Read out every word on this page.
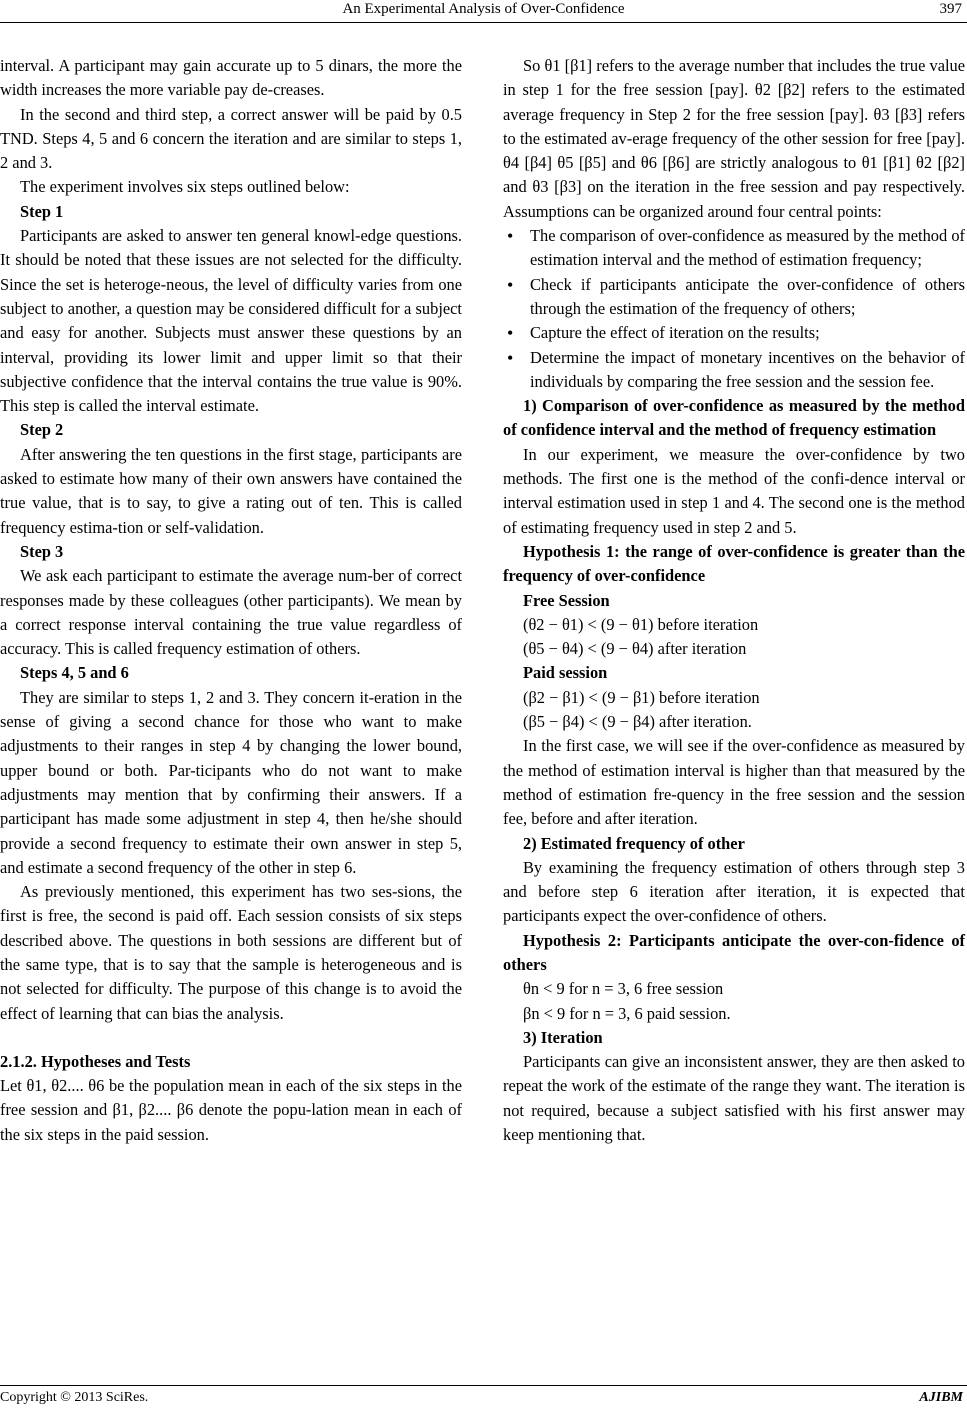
An Experimental Analysis of Over-Confidence	397

interval. A participant may gain accurate up to 5 dinars, the more the width increases the more variable pay de-creases.

In the second and third step, a correct answer will be paid by 0.5 TND. Steps 4, 5 and 6 concern the iteration and are similar to steps 1, 2 and 3.

The experiment involves six steps outlined below:

Step 1

Participants are asked to answer ten general knowl-edge questions. It should be noted that these issues are not selected for the difficulty. Since the set is heteroge-neous, the level of difficulty varies from one subject to another, a question may be considered difficult for a subject and easy for another. Subjects must answer these questions by an interval, providing its lower limit and upper limit so that their subjective confidence that the interval contains the true value is 90%. This step is called the interval estimate.

Step 2

After answering the ten questions in the first stage, participants are asked to estimate how many of their own answers have contained the true value, that is to say, to give a rating out of ten. This is called frequency estima-tion or self-validation.

Step 3

We ask each participant to estimate the average num-ber of correct responses made by these colleagues (other participants). We mean by a correct response interval containing the true value regardless of accuracy. This is called frequency estimation of others.

Steps 4, 5 and 6

They are similar to steps 1, 2 and 3. They concern it-eration in the sense of giving a second chance for those who want to make adjustments to their ranges in step 4 by changing the lower bound, upper bound or both. Par-ticipants who do not want to make adjustments may mention that by confirming their answers. If a participant has made some adjustment in step 4, then he/she should provide a second frequency to estimate their own answer in step 5, and estimate a second frequency of the other in step 6.

As previously mentioned, this experiment has two ses-sions, the first is free, the second is paid off. Each session consists of six steps described above. The questions in both sessions are different but of the same type, that is to say that the sample is heterogeneous and is not selected for difficulty. The purpose of this change is to avoid the effect of learning that can bias the analysis.

2.1.2. Hypotheses and Tests

Let θ1, θ2.... θ6 be the population mean in each of the six steps in the free session and β1, β2.... β6 denote the popu-lation mean in each of the six steps in the paid session.

So θ1 [β1] refers to the average number that includes the true value in step 1 for the free session [pay]. θ2 [β2] refers to the estimated average frequency in Step 2 for the free session [pay]. θ3 [β3] refers to the estimated av-erage frequency of the other session for free [pay]. θ4 [β4] θ5 [β5] and θ6 [β6] are strictly analogous to θ1 [β1] θ2 [β2] and θ3 [β3] on the iteration in the free session and pay respectively. Assumptions can be organized around four central points:

• The comparison of over-confidence as measured by the method of estimation interval and the method of estimation frequency;
• Check if participants anticipate the over-confidence of others through the estimation of the frequency of others;
• Capture the effect of iteration on the results;
• Determine the impact of monetary incentives on the behavior of individuals by comparing the free session and the session fee.

1) Comparison of over-confidence as measured by the method of confidence interval and the method of frequency estimation

In our experiment, we measure the over-confidence by two methods. The first one is the method of the confi-dence interval or interval estimation used in step 1 and 4. The second one is the method of estimating frequency used in step 2 and 5.

Hypothesis 1: the range of over-confidence is greater than the frequency of over-confidence

Free Session

(θ2 − θ1) < (9 − θ1) before iteration

(θ5 − θ4) < (9 − θ4) after iteration

Paid session

(β2 − β1) < (9 − β1) before iteration

(β5 − β4) < (9 − β4) after iteration.

In the first case, we will see if the over-confidence as measured by the method of estimation interval is higher than that measured by the method of estimation fre-quency in the free session and the session fee, before and after iteration.

2) Estimated frequency of other

By examining the frequency estimation of others through step 3 and before step 6 iteration after iteration, it is expected that participants expect the over-confidence of others.

Hypothesis 2: Participants anticipate the over-con-fidence of others

θn < 9 for n = 3, 6 free session

βn < 9 for n = 3, 6 paid session.

3) Iteration

Participants can give an inconsistent answer, they are then asked to repeat the work of the estimate of the range they want. The iteration is not required, because a subject satisfied with his first answer may keep mentioning that.

Copyright © 2013 SciRes.	AJIBM
